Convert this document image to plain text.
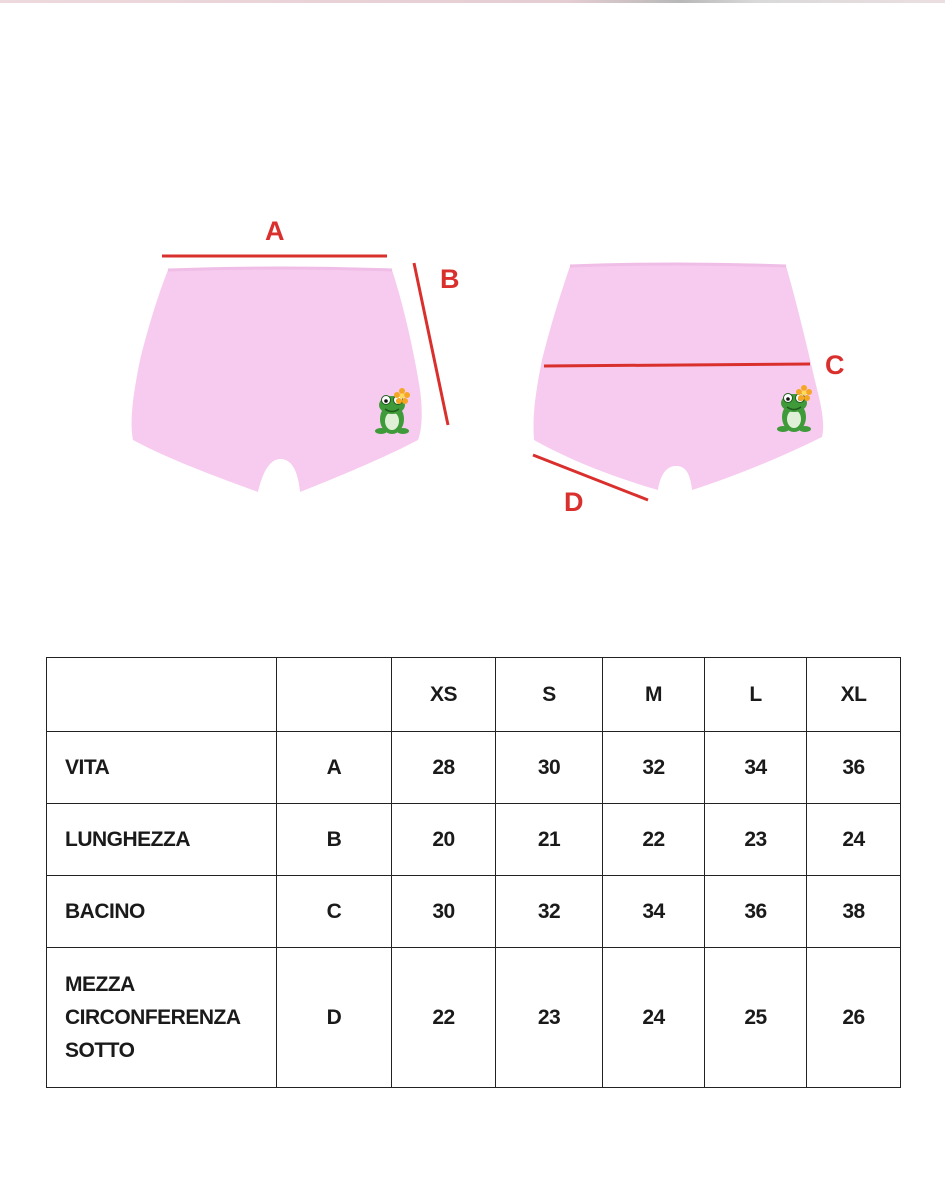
A
B
C
D
		XS	S	M	L	XL
VITA	A	28	30	32	34	36
LUNGHEZZA	B	20	21	22	23	24
BACINO	C	30	32	34	36	38

MEZZA
CIRCONFERENZA
SOTTO	D	22	23	24	25	26
